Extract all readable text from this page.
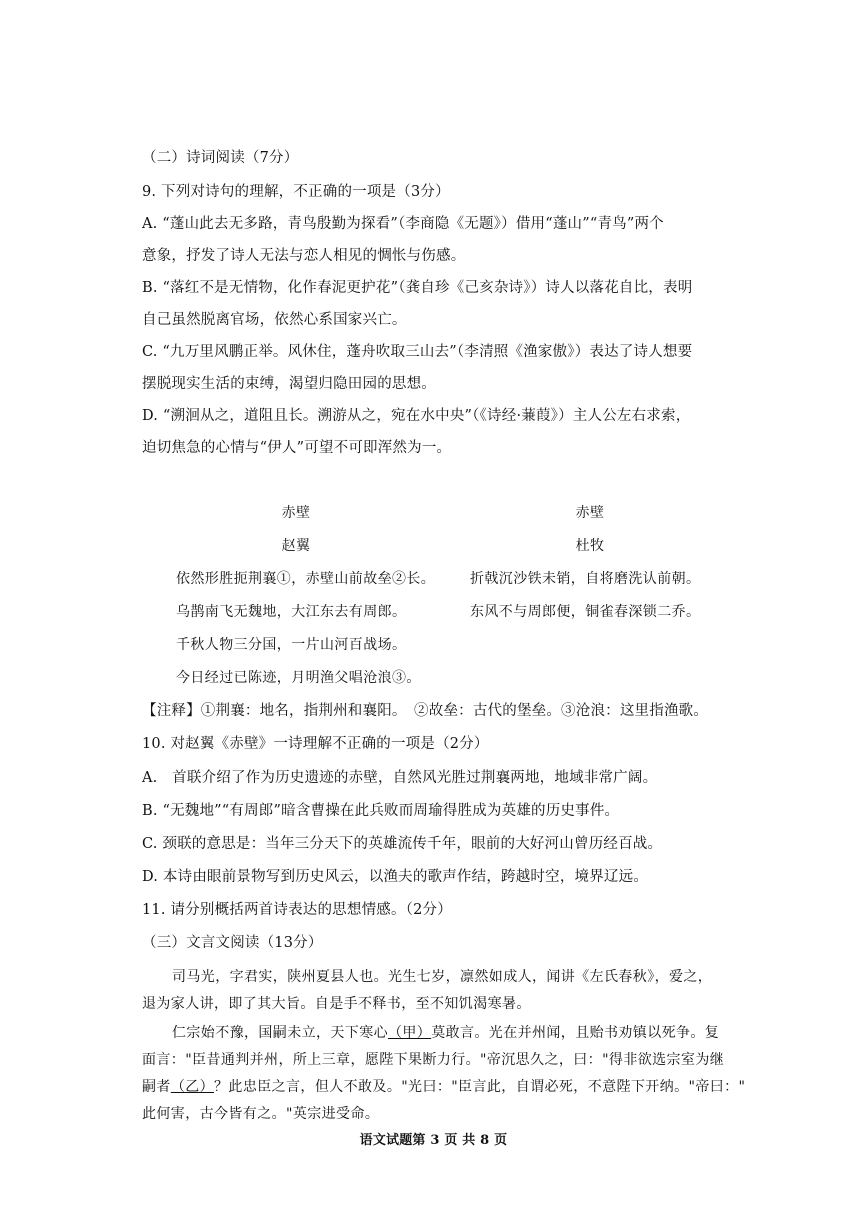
（二）诗词阅读（7分）
9. 下列对诗句的理解，不正确的一项是（3分）
A. “蓬山此去无多路，青鸟殷勤为探看”（李商隐《无题》）借用“蓬山”“青鸟”两个
意象，抒发了诗人无法与恋人相见的惆怅与伤感。
B. “落红不是无情物，化作春泥更护花”（龚自珍《己亥杂诗》）诗人以落花自比，表明
自己虽然脱离官场，依然心系国家兴亡。
C. “九万里风鹏正举。风休住，蓬舟吹取三山去”（李清照《渔家傲》）表达了诗人想要
摆脱现实生活的束缚，渴望归隐田园的思想。
D. “溯洄从之，道阻且长。溯游从之，宛在水中央”（《诗经·蒹葭》）主人公左右求索，
迫切焦急的心情与“伊人”可望不可即浑然为一。
赤壁
赵翼
依然形胜扼荆襄①，赤壁山前故垒②长。
乌鹊南飞无魏地，大江东去有周郎。
千秋人物三分国，一片山河百战场。
今日经过已陈迹，月明渔父唱沧浪③。
赤壁
杜牧
折戟沉沙铁未销，自将磨洗认前朝。
东风不与周郎便，铜雀春深锁二乔。
【注释】①荆襄：地名，指荆州和襄阳。　②故垒：古代的堡垒。③沧浪：这里指渔歌。
10. 对赵翼《赤壁》一诗理解不正确的一项是（2分）
A.　首联介绍了作为历史遗迹的赤壁，自然风光胜过荆襄两地，地域非常广阔。
B. “无魏地”“有周郎”暗含曹操在此兵败而周瑜得胜成为英雄的历史事件。
C. 颈联的意思是：当年三分天下的英雄流传千年，眼前的大好河山曾历经百战。
D. 本诗由眼前景物写到历史风云，以渔夫的歌声作结，跨越时空，境界辽远。
11. 请分别概括两首诗表达的思想情感。（2分）
（三）文言文阅读（13分）
司马光，字君实，陕州夏县人也。光生七岁，凛然如成人，闻讲《左氏春秋》，爱之，
退为家人讲，即了其大旨。自是手不释书，至不知饥渴寒暑。
仁宗始不豫，国嗣未立，天下寒心（甲）莫敢言。光在并州闻，且贻书劝镇以死争。复
面言："臣昔通判并州，所上三章，愿陛下果断力行。"帝沉思久之，曰："得非欲选宗室为继
嗣者（乙）？此忠臣之言，但人不敢及。"光曰："臣言此，自谓必死，不意陛下开纳。"帝曰："
此何害，古今皆有之。"英宗进受命。
语文试题第 3 页 共 8 页
